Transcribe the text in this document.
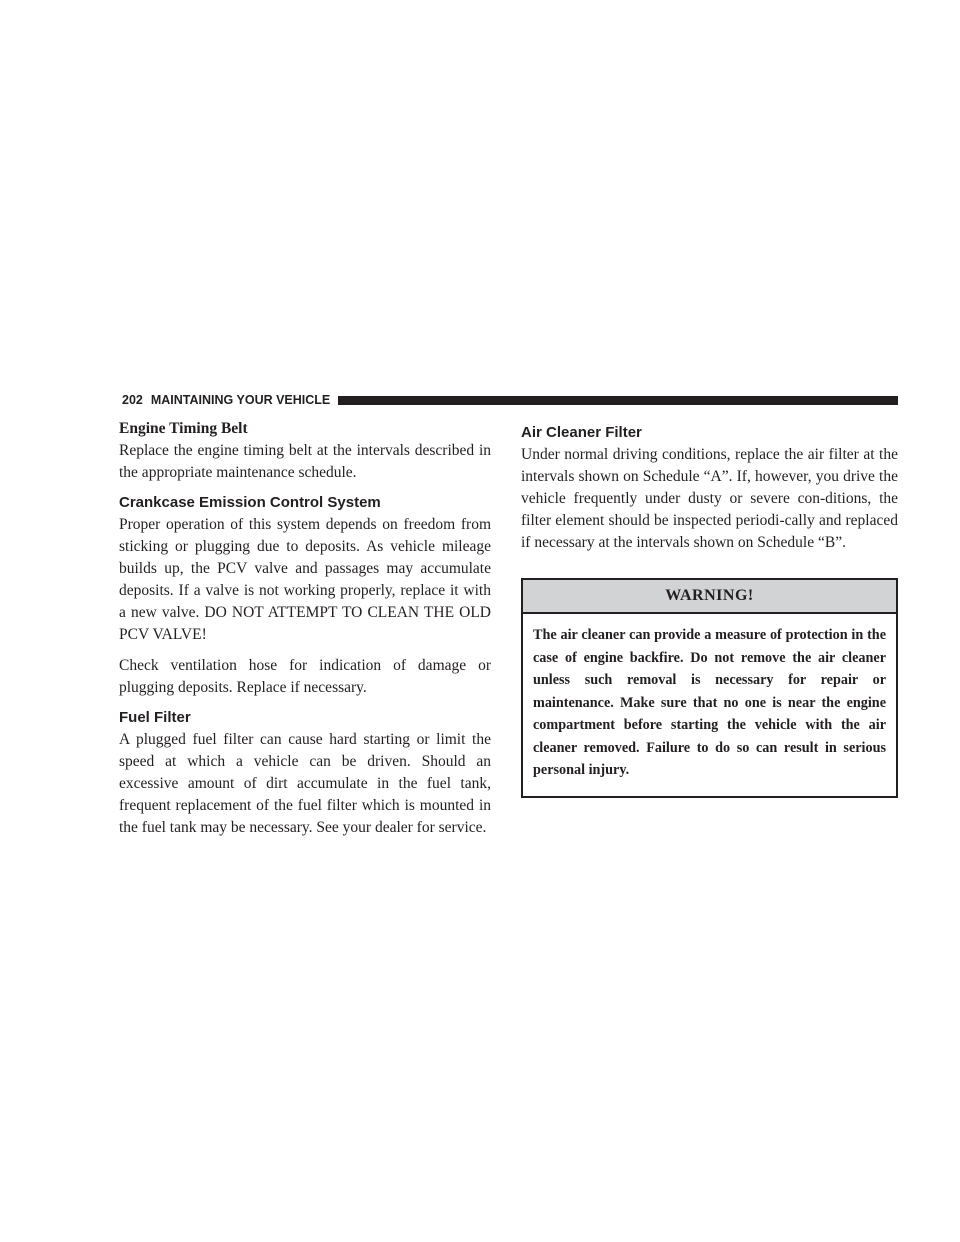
202 MAINTAINING YOUR VEHICLE
Engine Timing Belt

Replace the engine timing belt at the intervals described in the appropriate maintenance schedule.

Crankcase Emission Control System

Proper operation of this system depends on freedom from sticking or plugging due to deposits. As vehicle mileage builds up, the PCV valve and passages may accumulate deposits. If a valve is not working properly, replace it with a new valve. DO NOT ATTEMPT TO CLEAN THE OLD PCV VALVE!

Check ventilation hose for indication of damage or plugging deposits. Replace if necessary.

Fuel Filter

A plugged fuel filter can cause hard starting or limit the speed at which a vehicle can be driven. Should an excessive amount of dirt accumulate in the fuel tank, frequent replacement of the fuel filter which is mounted in the fuel tank may be necessary. See your dealer for service.

Air Cleaner Filter

Under normal driving conditions, replace the air filter at the intervals shown on Schedule “A”. If, however, you drive the vehicle frequently under dusty or severe con-ditions, the filter element should be inspected periodi-cally and replaced if necessary at the intervals shown on Schedule “B”.

WARNING!
The air cleaner can provide a measure of protection in the case of engine backfire. Do not remove the air cleaner unless such removal is necessary for repair or maintenance. Make sure that no one is near the engine compartment before starting the vehicle with the air cleaner removed. Failure to do so can result in serious personal injury.
